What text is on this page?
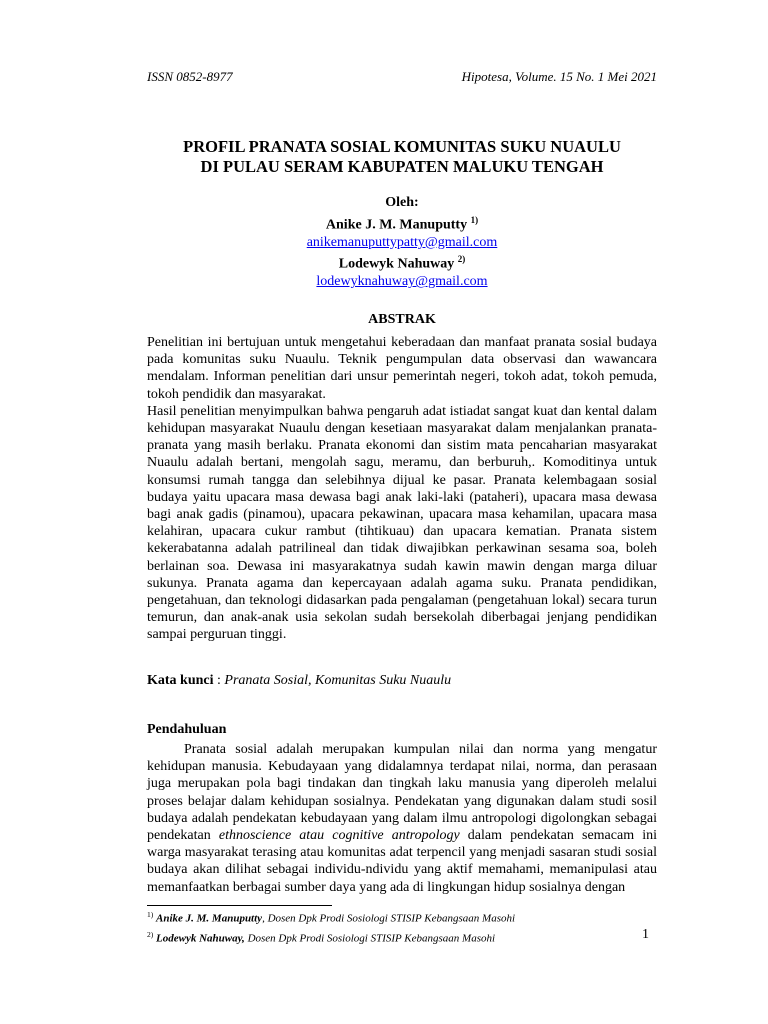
ISSN 0852-8977	Hipotesa, Volume. 15 No. 1 Mei 2021
PROFIL PRANATA SOSIAL KOMUNITAS SUKU NUAULU
DI PULAU SERAM KABUPATEN MALUKU TENGAH
Oleh:
Anike J. M. Manuputty $^{1)}$
anikemanuputtypatty@gmail.com
Lodewyk Nahuway $^{2)}$
lodewyknahuway@gmail.com
ABSTRAK

Penelitian ini bertujuan untuk mengetahui keberadaan dan manfaat pranata sosial budaya pada komunitas suku Nuaulu. Teknik pengumpulan data observasi dan wawancara mendalam. Informan penelitian dari unsur pemerintah negeri, tokoh adat, tokoh pemuda, tokoh pendidik dan masyarakat.

Hasil penelitian menyimpulkan bahwa pengaruh adat istiadat sangat kuat dan kental dalam kehidupan masyarakat Nuaulu dengan kesetiaan masyarakat dalam menjalankan pranata-pranata yang masih berlaku. Pranata ekonomi dan sistim mata pencaharian masyarakat Nuaulu adalah bertani, mengolah sagu, meramu, dan berburuh,. Komoditinya untuk konsumsi rumah tangga dan selebihnya dijual ke pasar. Pranata kelembagaan sosial budaya yaitu upacara masa dewasa bagi anak laki-laki (pataheri), upacara masa dewasa bagi anak gadis (pinamou), upacara pekawinan, upacara masa kehamilan, upacara masa kelahiran, upacara cukur rambut (tihtikuau) dan upacara kematian. Pranata sistem kekerabatanna adalah patrilineal dan tidak diwajibkan perkawinan sesama soa, boleh berlainan soa. Dewasa ini masyarakatnya sudah kawin mawin dengan marga diluar sukunya. Pranata agama dan kepercayaan adalah agama suku. Pranata pendidikan, pengetahuan, dan teknologi didasarkan pada pengalaman (pengetahuan lokal) secara turun temurun, dan anak-anak usia sekolan sudah bersekolah diberbagai jenjang pendidikan sampai perguruan tinggi.

Kata kunci : Pranata Sosial, Komunitas Suku Nuaulu
Pendahuluan

Pranata sosial adalah merupakan kumpulan nilai dan norma yang mengatur kehidupan manusia. Kebudayaan yang didalamnya terdapat nilai, norma, dan perasaan juga merupakan pola bagi tindakan dan tingkah laku manusia yang diperoleh melalui proses belajar dalam kehidupan sosialnya. Pendekatan yang digunakan dalam studi sosil budaya adalah pendekatan kebudayaan yang dalam ilmu antropologi digolongkan sebagai pendekatan ethnoscience atau cognitive antropology dalam pendekatan semacam ini warga masyarakat terasing atau komunitas adat terpencil yang menjadi sasaran studi sosial budaya akan dilihat sebagai individu-ndividu yang aktif memahami, memanipulasi atau memanfaatkan berbagai sumber daya yang ada di lingkungan hidup sosialnya dengan

$^{1)}$ Anike J. M. Manuputty, Dosen Dpk Prodi Sosiologi STISIP Kebangsaan Masohi
$^{2)}$ Lodewyk Nahuway, Dosen Dpk Prodi Sosiologi STISIP Kebangsaan Masohi	1
